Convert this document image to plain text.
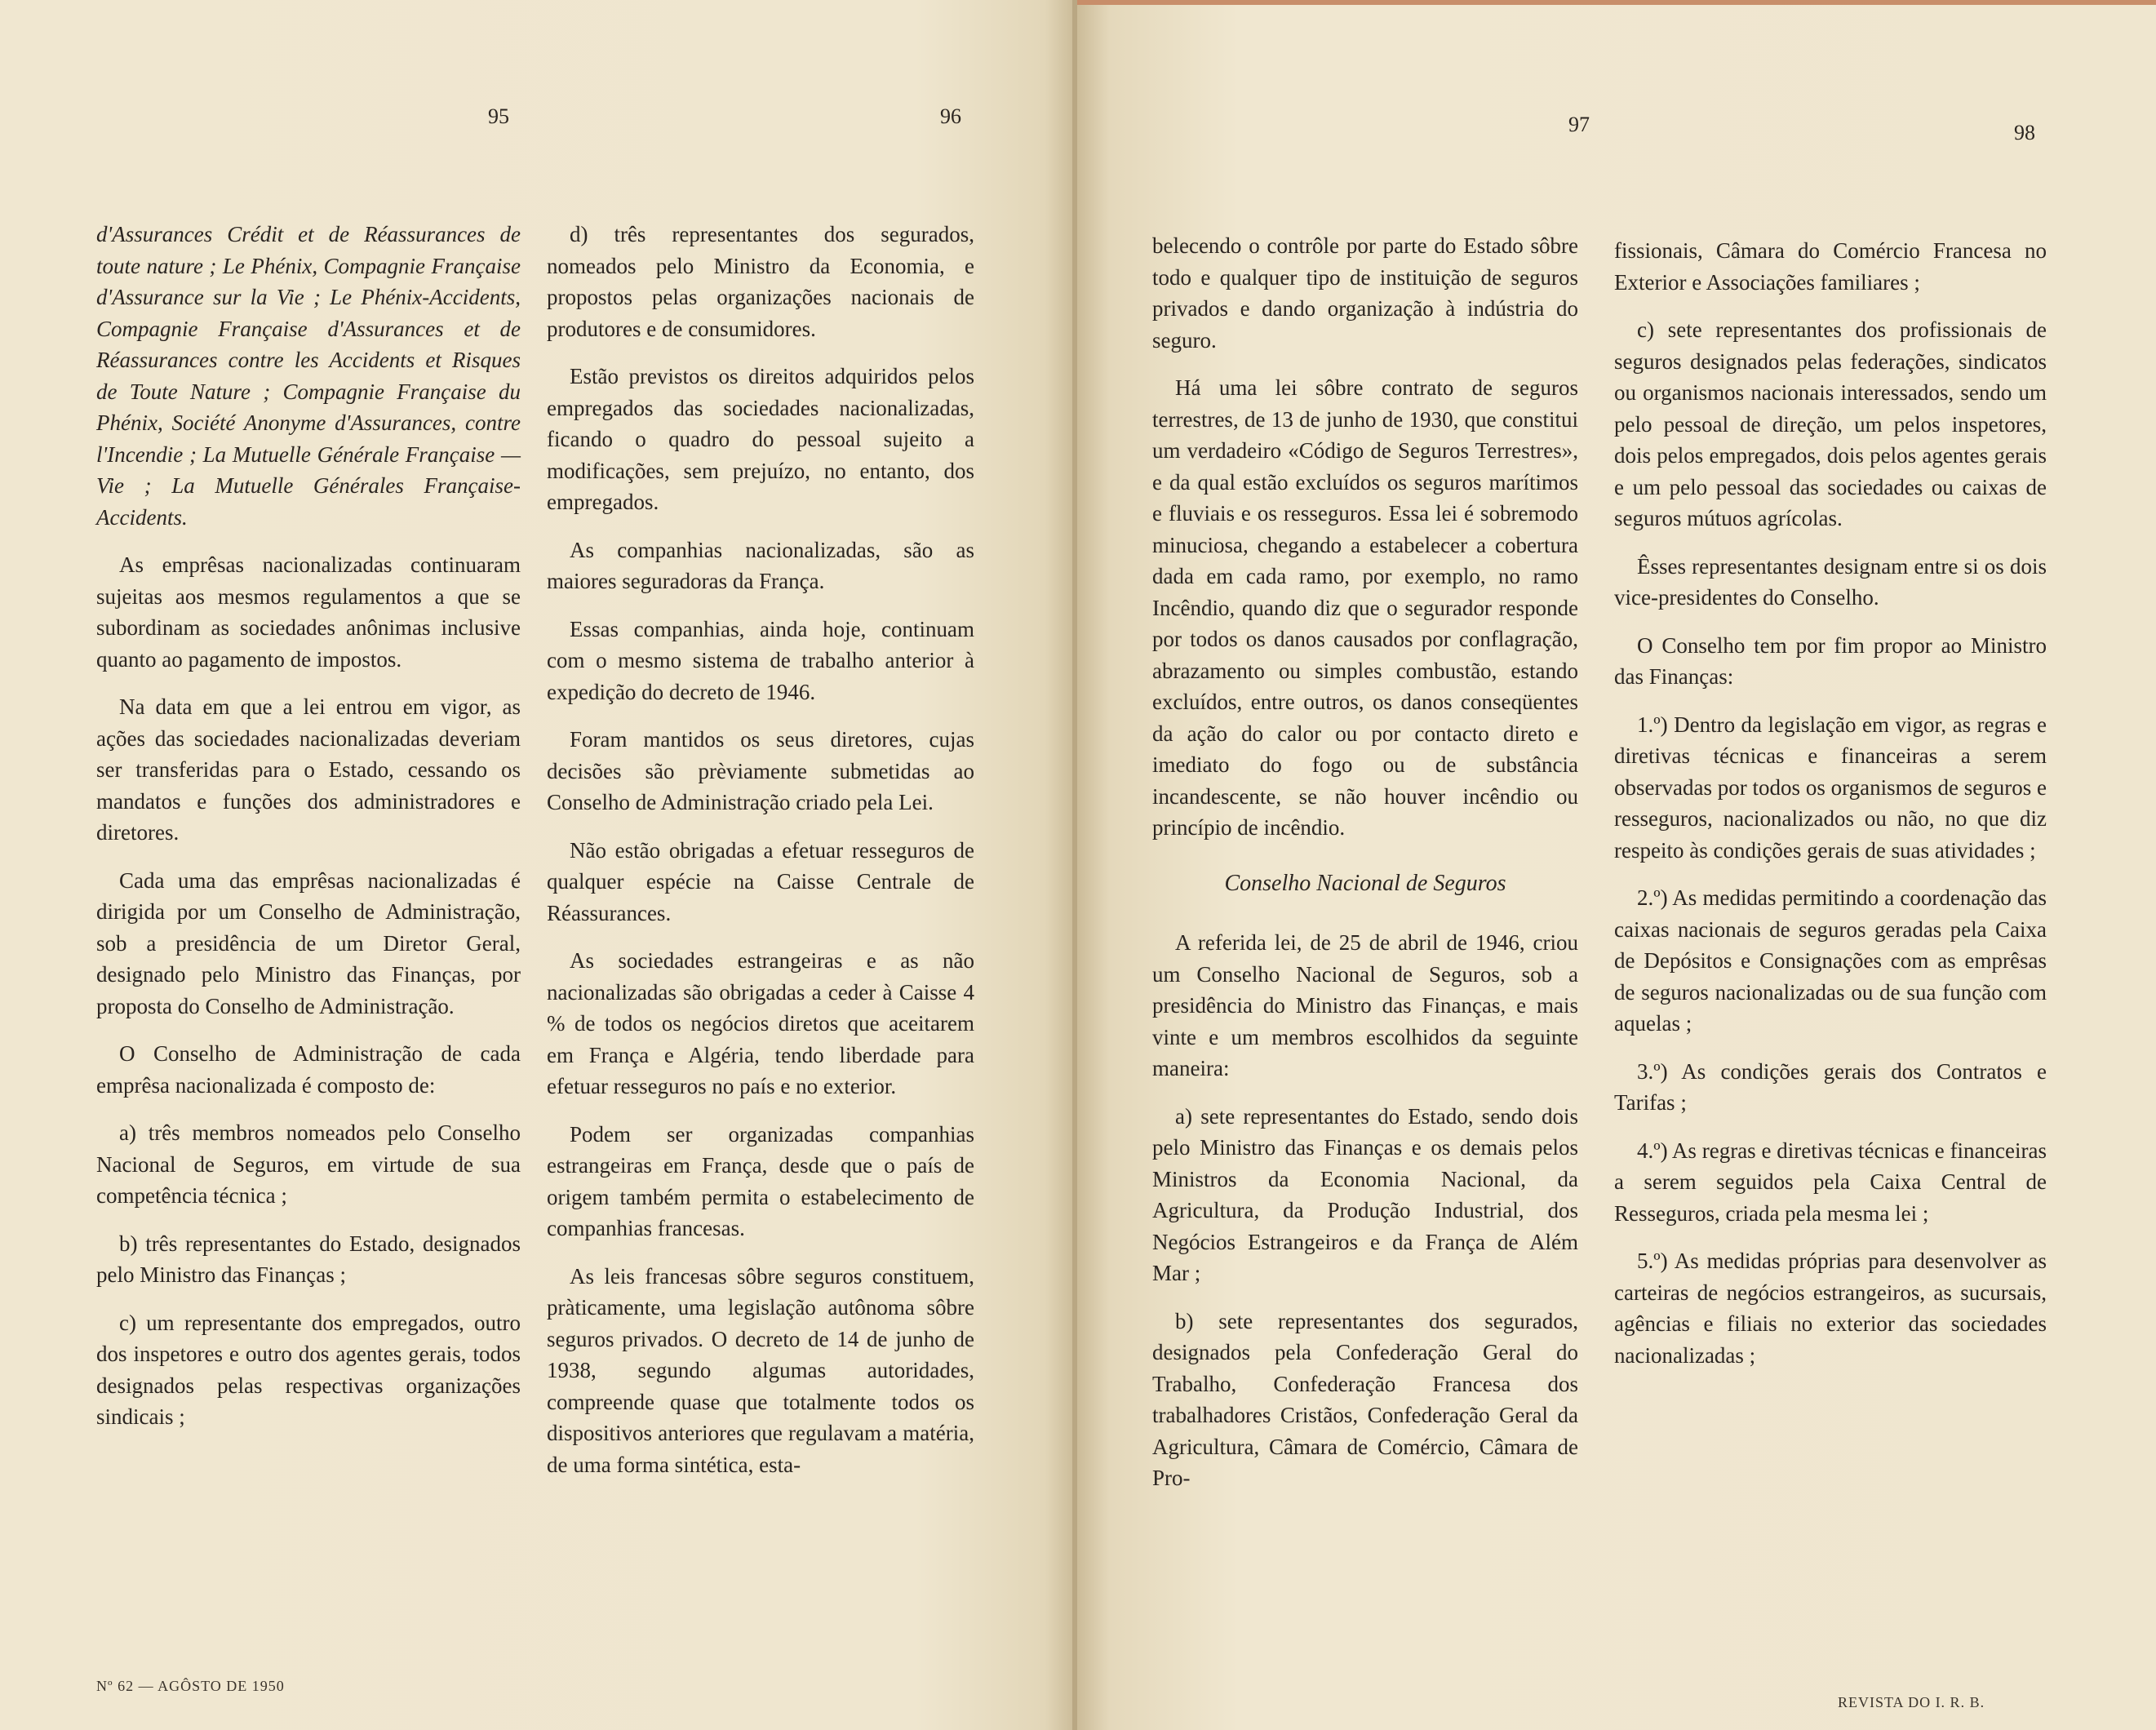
95	96

d'Assurances Crédit et de Réassurances de toute nature ; Le Phénix, Compagnie Française d'Assurance sur la Vie ; Le Phénix-Accidents, Compagnie Française d'Assurances et de Réassurances contre les Accidents et Risques de Toute Nature ; Compagnie Française du Phénix, Société Anonyme d'Assurances, contre l'Incendie ; La Mutuelle Générale Française — Vie ; La Mutuelle Générales Française-Accidents.

As emprêsas nacionalizadas continuaram sujeitas aos mesmos regulamentos a que se subordinam as sociedades anônimas inclusive quanto ao pagamento de impostos.

Na data em que a lei entrou em vigor, as ações das sociedades nacionalizadas deveriam ser transferidas para o Estado, cessando os mandatos e funções dos administradores e diretores.

Cada uma das emprêsas nacionalizadas é dirigida por um Conselho de Administração, sob a presidência de um Diretor Geral, designado pelo Ministro das Finanças, por proposta do Conselho de Administração.

O Conselho de Administração de cada emprêsa nacionalizada é composto de:

a) três membros nomeados pelo Conselho Nacional de Seguros, em virtude de sua competência técnica ;

b) três representantes do Estado, designados pelo Ministro das Finanças ;

c) um representante dos empregados, outro dos inspetores e outro dos agentes gerais, todos designados pelas respectivas organizações sindicais ;

d) três representantes dos segurados, nomeados pelo Ministro da Economia, e propostos pelas organizações nacionais de produtores e de consumidores.

Estão previstos os direitos adquiridos pelos empregados das sociedades nacionalizadas, ficando o quadro do pessoal sujeito a modificações, sem prejuízo, no entanto, dos empregados.

As companhias nacionalizadas, são as maiores seguradoras da França.

Essas companhias, ainda hoje, continuam com o mesmo sistema de trabalho anterior à expedição do decreto de 1946.

Foram mantidos os seus diretores, cujas decisões são prèviamente submetidas ao Conselho de Administração criado pela Lei.

Não estão obrigadas a efetuar resseguros de qualquer espécie na Caisse Centrale de Réassurances.

As sociedades estrangeiras e as não nacionalizadas são obrigadas a ceder à Caisse 4 % de todos os negócios diretos que aceitarem em França e Algéria, tendo liberdade para efetuar resseguros no país e no exterior.

Podem ser organizadas companhias estrangeiras em França, desde que o país de origem também permita o estabelecimento de companhias francesas.

As leis francesas sôbre seguros constituem, pràticamente, uma legislação autônoma sôbre seguros privados. O decreto de 14 de junho de 1938, segundo algumas autoridades, compreende quase que totalmente todos os dispositivos anteriores que regulavam a matéria, de uma forma sintética, esta-

Nº 62 — AGÔSTO DE 1950
97	98

belecendo o contrôle por parte do Estado sôbre todo e qualquer tipo de instituição de seguros privados e dando organização à indústria do seguro.

Há uma lei sôbre contrato de seguros terrestres, de 13 de junho de 1930, que constitui um verdadeiro «Código de Seguros Terrestres», e da qual estão excluídos os seguros marítimos e fluviais e os resseguros. Essa lei é sobremodo minuciosa, chegando a estabelecer a cobertura dada em cada ramo, por exemplo, no ramo Incêndio, quando diz que o segurador responde por todos os danos causados por conflagração, abrazamento ou simples combustão, estando excluídos, entre outros, os danos conseqüentes da ação do calor ou por contacto direto e imediato do fogo ou de substância incandescente, se não houver incêndio ou princípio de incêndio.

Conselho Nacional de Seguros

A referida lei, de 25 de abril de 1946, criou um Conselho Nacional de Seguros, sob a presidência do Ministro das Finanças, e mais vinte e um membros escolhidos da seguinte maneira:

a) sete representantes do Estado, sendo dois pelo Ministro das Finanças e os demais pelos Ministros da Economia Nacional, da Agricultura, da Produção Industrial, dos Negócios Estrangeiros e da França de Além Mar ;

b) sete representantes dos segurados, designados pela Confederação Geral do Trabalho, Confederação Francesa dos trabalhadores Cristãos, Confederação Geral da Agricultura, Câmara de Comércio, Câmara de Pro-

fissionais, Câmara do Comércio Francesa no Exterior e Associações familiares ;

c) sete representantes dos profissionais de seguros designados pelas federações, sindicatos ou organismos nacionais interessados, sendo um pelo pessoal de direção, um pelos inspetores, dois pelos empregados, dois pelos agentes gerais e um pelo pessoal das sociedades ou caixas de seguros mútuos agrícolas.

Êsses representantes designam entre si os dois vice-presidentes do Conselho.

O Conselho tem por fim propor ao Ministro das Finanças:

1.º) Dentro da legislação em vigor, as regras e diretivas técnicas e financeiras a serem observadas por todos os organismos de seguros e resseguros, nacionalizados ou não, no que diz respeito às condições gerais de suas atividades ;

2.º) As medidas permitindo a coordenação das caixas nacionais de seguros geradas pela Caixa de Depósitos e Consignações com as emprêsas de seguros nacionalizadas ou de sua função com aquelas ;

3.º) As condições gerais dos Contratos e Tarifas ;

4.º) As regras e diretivas técnicas e financeiras a serem seguidos pela Caixa Central de Resseguros, criada pela mesma lei ;

5.º) As medidas próprias para desenvolver as carteiras de negócios estrangeiros, as sucursais, agências e filiais no exterior das sociedades nacionalizadas ;

REVISTA DO I. R. B.
